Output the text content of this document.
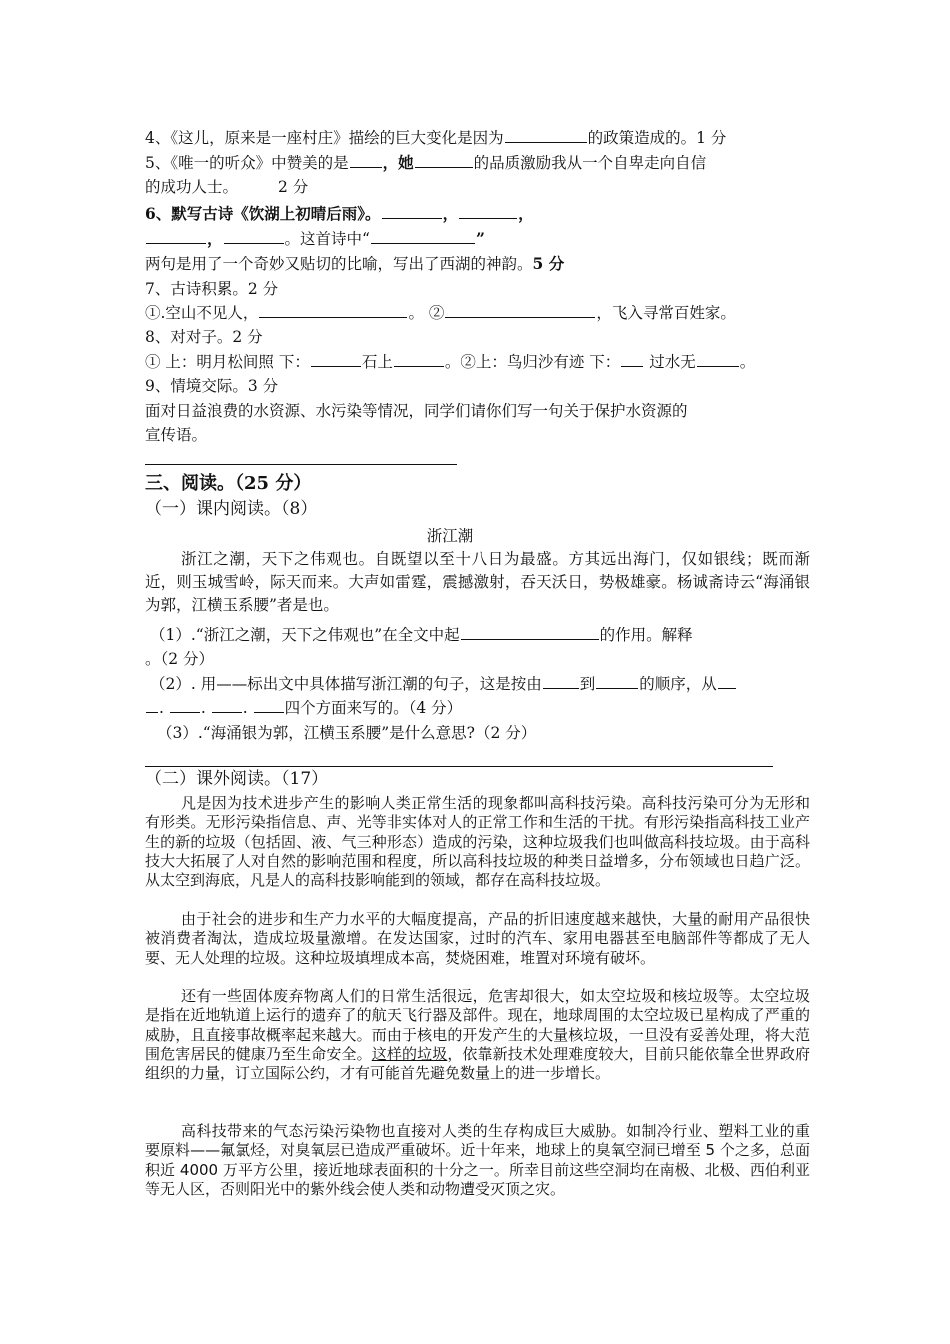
4、《这儿，原来是一座村庄》描绘的巨大变化是因为	的政策造成的。1 分
5、《唯一的听众》中赞美的是 ，她	的品质激励我从一个自卑走向自信
的成功人士。	2 分
6、默写古诗《饮湖上初晴后雨》。	，	，
，	。这首诗中“	”
两句是用了一个奇妙又贴切的比喻，写出了西湖的神韵。5 分
7、古诗积累。2 分
①.空山不见人，	。 ②	，飞入寻常百姓家。
8、对对子。2 分
① 上：明月松间照 下：	石上	。②上：鸟归沙有迹 下： 过水无	。
9、情境交际。3 分
面对日益浪费的水资源、水污染等情况，同学们请你们写一句关于保护水资源的
宣传语。
三、阅读。（25 分）
（一）课内阅读。（8）
浙江潮
浙江之潮，天下之伟观也。自既望以至十八日为最盛。方其远出海门，仅如银线；既而渐近，则玉城雪岭，际天而来。大声如雷霆，震撼激射，吞天沃日，势极雄豪。杨诚斋诗云“海涌银为郭，江横玉系腰”者是也。
（1）.“浙江之潮，天下之伟观也”在全文中起	的作用。解释
。（2 分）
（2）. 用——标出文中具体描写浙江潮的句子，这是按由 到	的顺序，从
. . . 四个方面来写的。（4 分）
（3）.“海涌银为郭，江横玉系腰”是什么意思?（2 分）
（二）课外阅读。（17）
凡是因为技术进步产生的影响人类正常生活的现象都叫高科技污染。高科技污染可分为无形和有形类。无形污染指信息、声、光等非实体对人的正常工作和生活的干扰。有形污染指高科技工业产生的新的垃圾（包括固、液、气三种形态）造成的污染，这种垃圾我们也叫做高科技垃圾。由于高科技大大拓展了人对自然的影响范围和程度，所以高科技垃圾的种类日益增多，分布领域也日趋广泛。从太空到海底，凡是人的高科技影响能到的领域，都存在高科技垃圾。
由于社会的进步和生产力水平的大幅度提高，产品的折旧速度越来越快，大量的耐用产品很快被消费者淘汰，造成垃圾量激增。在发达国家，过时的汽车、家用电器甚至电脑部件等都成了无人要、无人处理的垃圾。这种垃圾填埋成本高，焚烧困难，堆置对环境有破坏。
还有一些固体废弃物离人们的日常生活很远，危害却很大，如太空垃圾和核垃圾等。太空垃圾是指在近地轨道上运行的遗弃了的航天飞行器及部件。现在，地球周围的太空垃圾已星构成了严重的威胁，且直接事故概率起来越大。而由于核电的开发产生的大量核垃圾，一旦没有妥善处理，将大范围危害居民的健康乃至生命安全。这样的垃圾，依靠新技术处理难度较大，目前只能依靠全世界政府组织的力量，订立国际公约，才有可能首先避免数量上的进一步增长。
高科技带来的气态污染污染物也直接对人类的生存构成巨大威胁。如制冷行业、塑料工业的重要原料——氟氯烃，对臭氧层已造成严重破坏。近十年来，地球上的臭氧空洞已增至 5 个之多，总面积近 4000 万平方公里，接近地球表面积的十分之一。所幸目前这些空洞均在南极、北极、西伯利亚等无人区，否则阳光中的紫外线会使人类和动物遭受灭顶之灾。
